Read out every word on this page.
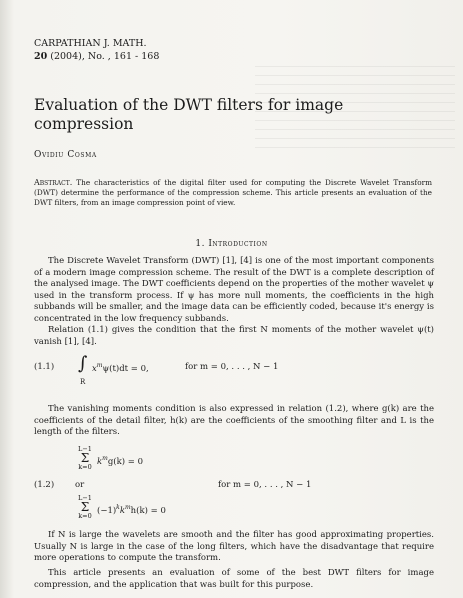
CARPATHIAN J. MATH.
20 (2004), No. , 161 - 168
Evaluation of the DWT filters for image compression
Ovidiu Cosma
Abstract. The characteristics of the digital filter used for computing the Discrete Wavelet Transform (DWT) determine the performance of the compression scheme. This article presents an evaluation of the DWT filters, from an image compression point of view.
1. Introduction
The Discrete Wavelet Transform (DWT) [1], [4] is one of the most important components of a modern image compression scheme. The result of the DWT is a complete description of the analysed image. The DWT coefficients depend on the properties of the mother wavelet ψ used in the transform process. If ψ has more null moments, the coefficients in the high subbands will be smaller, and the image data can be efficiently coded, because it's energy is concentrated in the low frequency subbands.
Relation (1.1) gives the condition that the first N moments of the mother wavelet ψ(t) vanish [1], [4].
(1.1) ∫
R
$x^m\psi(t)dt = 0$,	for m = 0, . . . , N − 1
The vanishing moments condition is also expressed in relation (1.2), where g(k) are the coefficients of the detail filter, h(k) are the coefficients of the smoothing filter and L is the length of the filters.
L−1
Σ
k=0
$k^mg(k) = 0$
(1.2) or	for m = 0, . . . , N − 1
L−1
Σ
k=0
$(-1)^kk^mh(k) = 0$
If N is large the wavelets are smooth and the filter has good approximating properties. Usually N is large in the case of the long filters, which have the disadvantage that require more operations to compute the transform.
This article presents an evaluation of some of the best DWT filters for image compression, and the application that was built for this purpose.
